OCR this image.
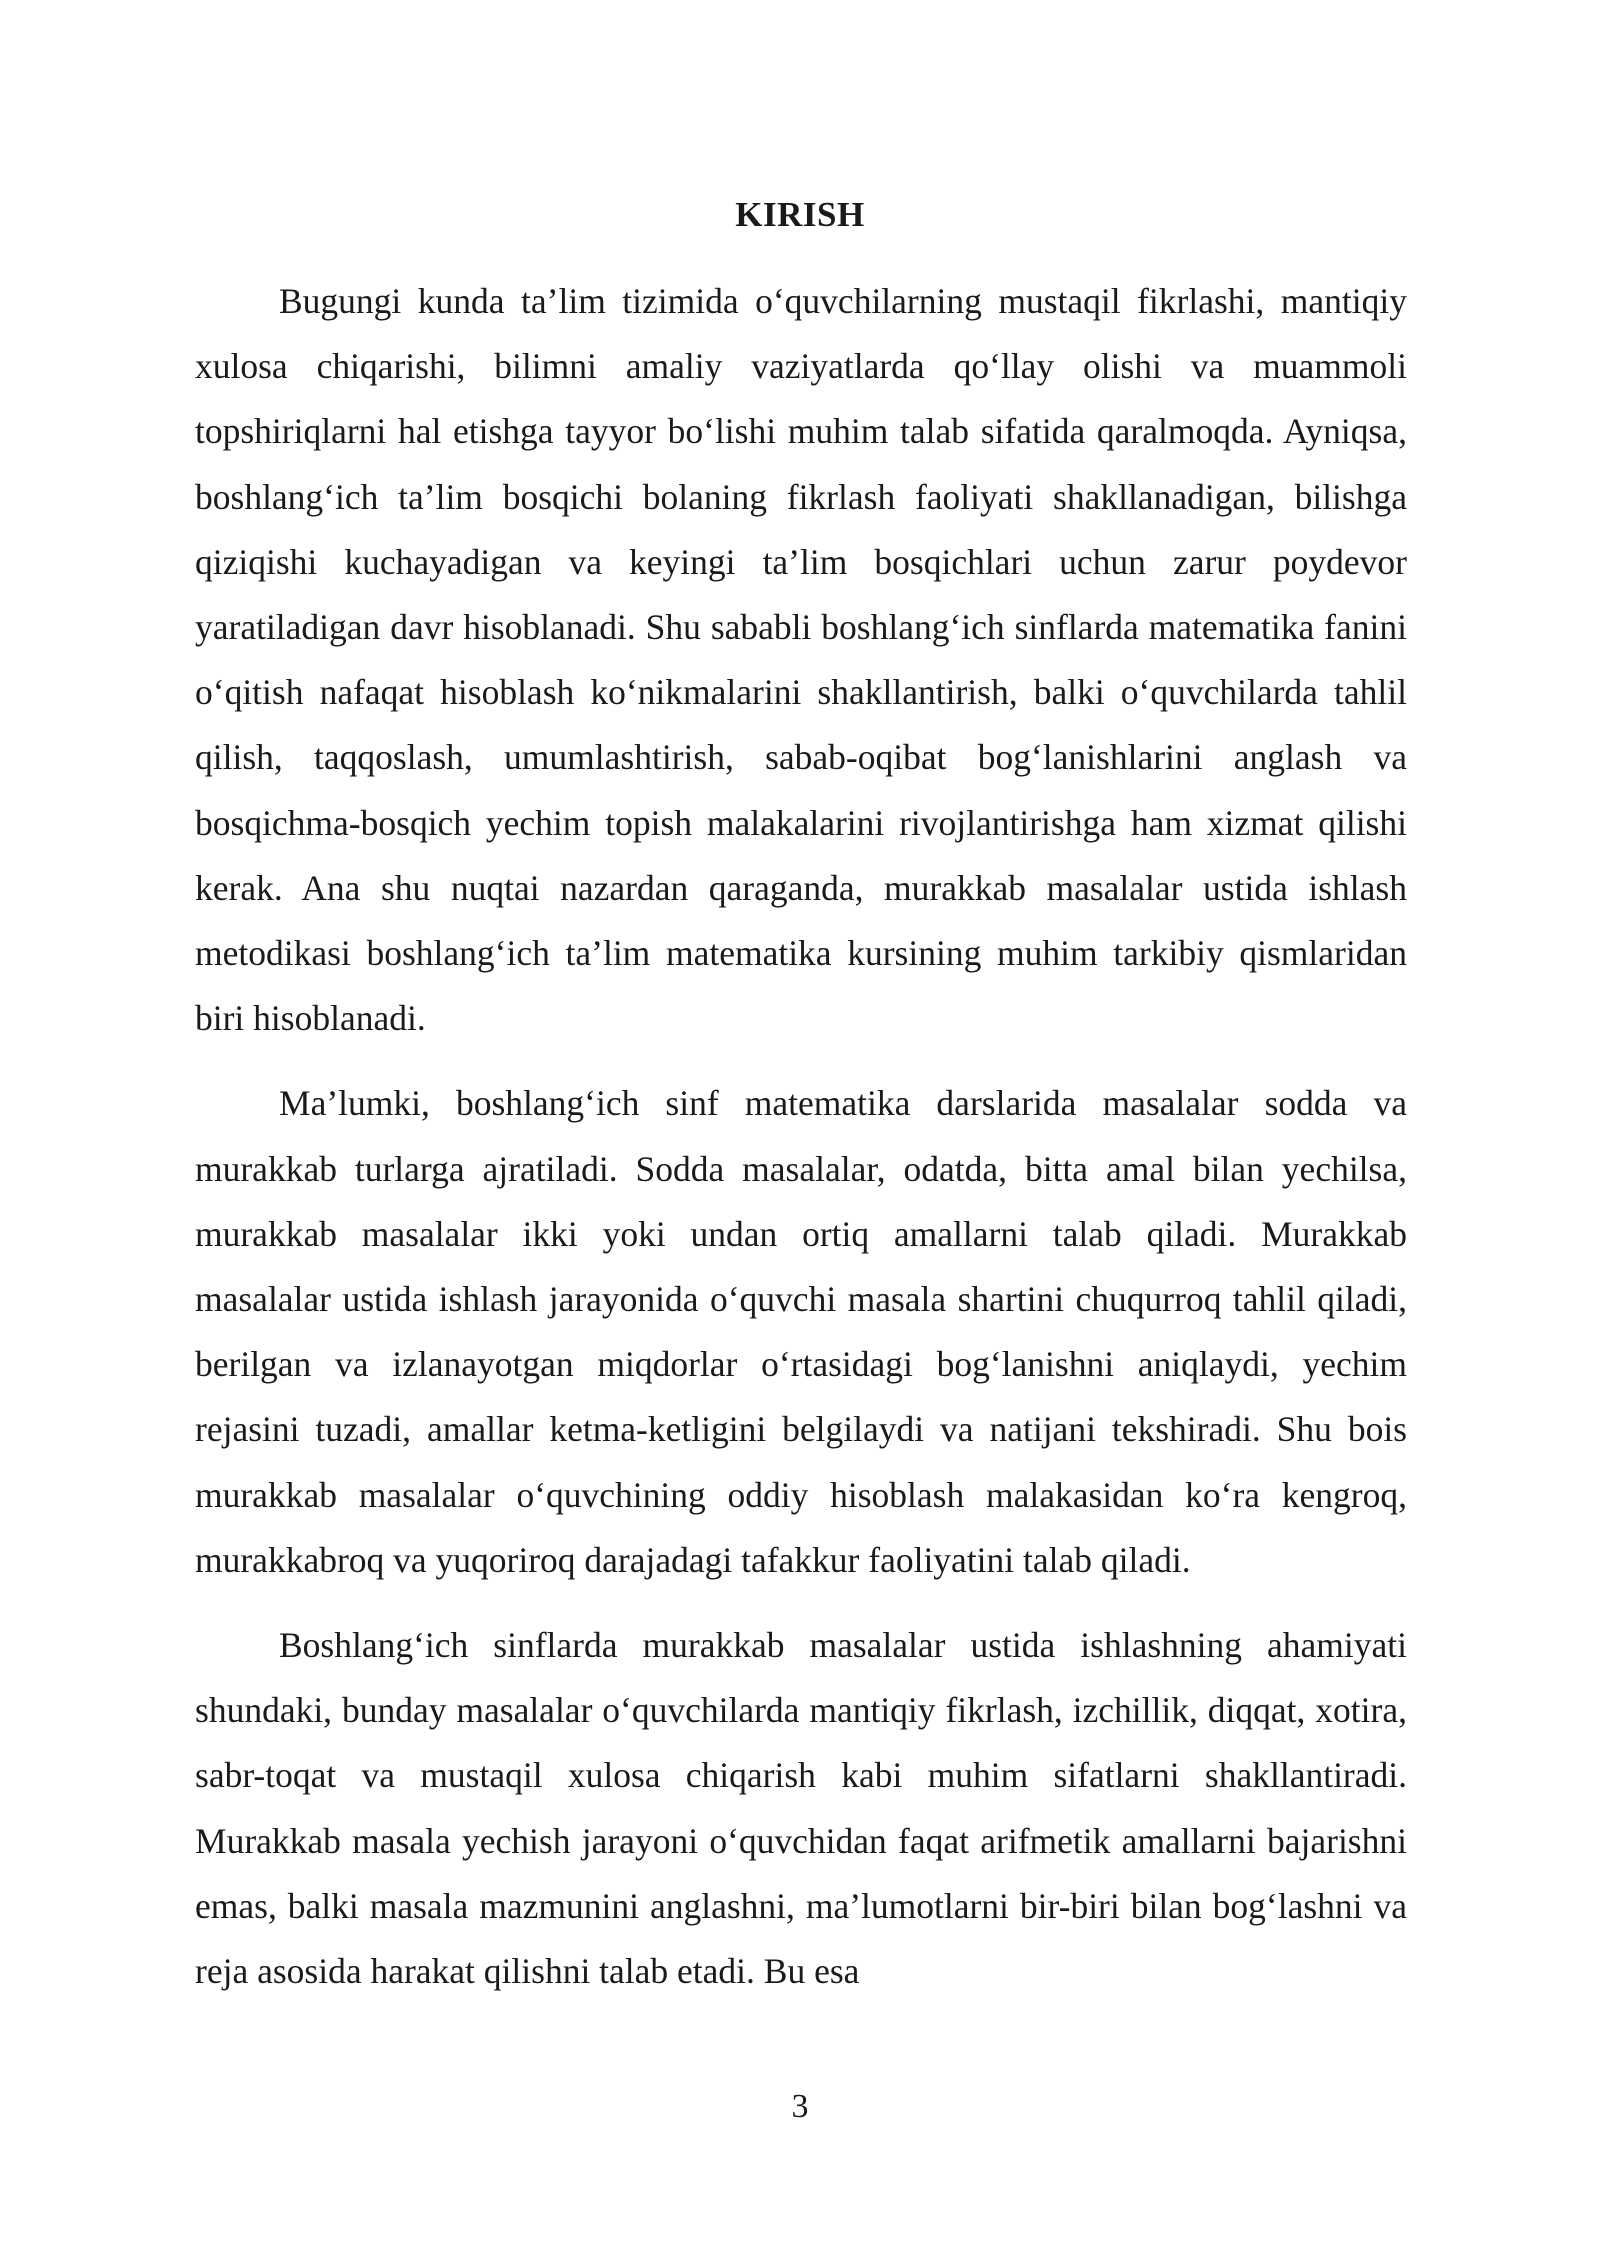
KIRISH

Bugungi kunda ta’lim tizimida o‘quvchilarning mustaqil fikrlashi, mantiqiy xulosa chiqarishi, bilimni amaliy vaziyatlarda qo‘llay olishi va muammoli topshiriqlarni hal etishga tayyor bo‘lishi muhim talab sifatida qaralmoqda. Ayniqsa, boshlang‘ich ta’lim bosqichi bolaning fikrlash faoliyati shakllanadigan, bilishga qiziqishi kuchayadigan va keyingi ta’lim bosqichlari uchun zarur poydevor yaratiladigan davr hisoblanadi. Shu sababli boshlang‘ich sinflarda matematika fanini o‘qitish nafaqat hisoblash ko‘nikmalarini shakllantirish, balki o‘quvchilarda tahlil qilish, taqqoslash, umumlashtirish, sabab-oqibat bog‘lanishlarini anglash va bosqichma-bosqich yechim topish malakalarini rivojlantirishga ham xizmat qilishi kerak. Ana shu nuqtai nazardan qaraganda, murakkab masalalar ustida ishlash metodikasi boshlang‘ich ta’lim matematika kursining muhim tarkibiy qismlaridan biri hisoblanadi.

Ma’lumki, boshlang‘ich sinf matematika darslarida masalalar sodda va murakkab turlarga ajratiladi. Sodda masalalar, odatda, bitta amal bilan yechilsa, murakkab masalalar ikki yoki undan ortiq amallarni talab qiladi. Murakkab masalalar ustida ishlash jarayonida o‘quvchi masala shartini chuqurroq tahlil qiladi, berilgan va izlanayotgan miqdorlar o‘rtasidagi bog‘lanishni aniqlaydi, yechim rejasini tuzadi, amallar ketma-ketligini belgilaydi va natijani tekshiradi. Shu bois murakkab masalalar o‘quvchining oddiy hisoblash malakasidan ko‘ra kengroq, murakkabroq va yuqoriroq darajadagi tafakkur faoliyatini talab qiladi.

Boshlang‘ich sinflarda murakkab masalalar ustida ishlashning ahamiyati shundaki, bunday masalalar o‘quvchilarda mantiqiy fikrlash, izchillik, diqqat, xotira, sabr-toqat va mustaqil xulosa chiqarish kabi muhim sifatlarni shakllantiradi. Murakkab masala yechish jarayoni o‘quvchidan faqat arifmetik amallarni bajarishni emas, balki masala mazmunini anglashni, ma’lumotlarni bir-biri bilan bog‘lashni va reja asosida harakat qilishni talab etadi. Bu esa

3
